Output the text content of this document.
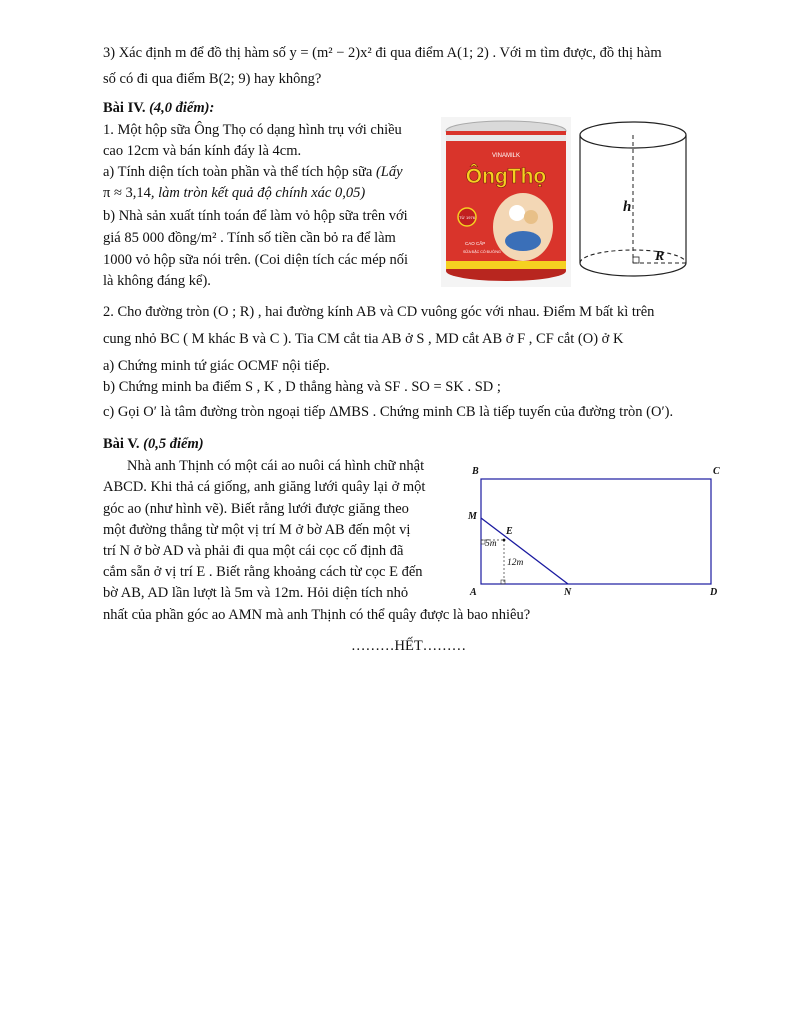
3) Xác định m để đồ thị hàm số y = (m² − 2)x² đi qua điểm A(1; 2) . Với m tìm được, đồ thị hàm
số có đi qua điểm B(2; 9) hay không?
Bài IV. (4,0 điểm):
1. Một hộp sữa Ông Thọ có dạng hình trụ với chiều
cao 12cm và bán kính đáy là 4cm.
a) Tính diện tích toàn phần và thể tích hộp sữa (Lấy
π ≈ 3,14, làm tròn kết quả độ chính xác 0,05)
b) Nhà sản xuất tính toán để làm vỏ hộp sữa trên với
giá 85 000 đồng/m² . Tính số tiền cần bỏ ra để làm
1000 vỏ hộp sữa nói trên. (Coi diện tích các mép nối
là không đáng kể).
VINAMILK
ÔngThọ
TỪ 1976
CAO CẤP
SỮA ĐẶC CÓ ĐƯỜNG
h
R
2. Cho đường tròn (O ; R) , hai đường kính AB và CD vuông góc với nhau. Điểm M bất kì trên
cung nhỏ BC ( M khác B và C ). Tia CM cắt tia AB ở S , MD cắt AB ở F , CF cắt (O) ở K
a) Chứng minh tứ giác OCMF nội tiếp.
b) Chứng minh ba điểm S , K , D thẳng hàng và SF . SO = SK . SD ;
c) Gọi O′ là tâm đường tròn ngoại tiếp ΔMBS . Chứng minh CB là tiếp tuyến của đường tròn (O′).
Bài V. (0,5 điểm)
Nhà anh Thịnh có một cái ao nuôi cá hình chữ nhật
ABCD. Khi thả cá giống, anh giăng lưới quây lại ở một
góc ao (như hình vẽ). Biết rằng lưới được giăng theo
một đường thẳng từ một vị trí M ở bờ AB đến một vị
trí N ở bờ AD và phải đi qua một cái cọc cố định đã
cắm sẵn ở vị trí E . Biết rằng khoảng cách từ cọc E đến
bờ AB, AD lần lượt là 5m và 12m. Hỏi diện tích nhỏ
nhất của phần góc ao AMN mà anh Thịnh có thể quây được là bao nhiêu?
B	C
A	D
M
N
E
5m
12m
………HẾT………
